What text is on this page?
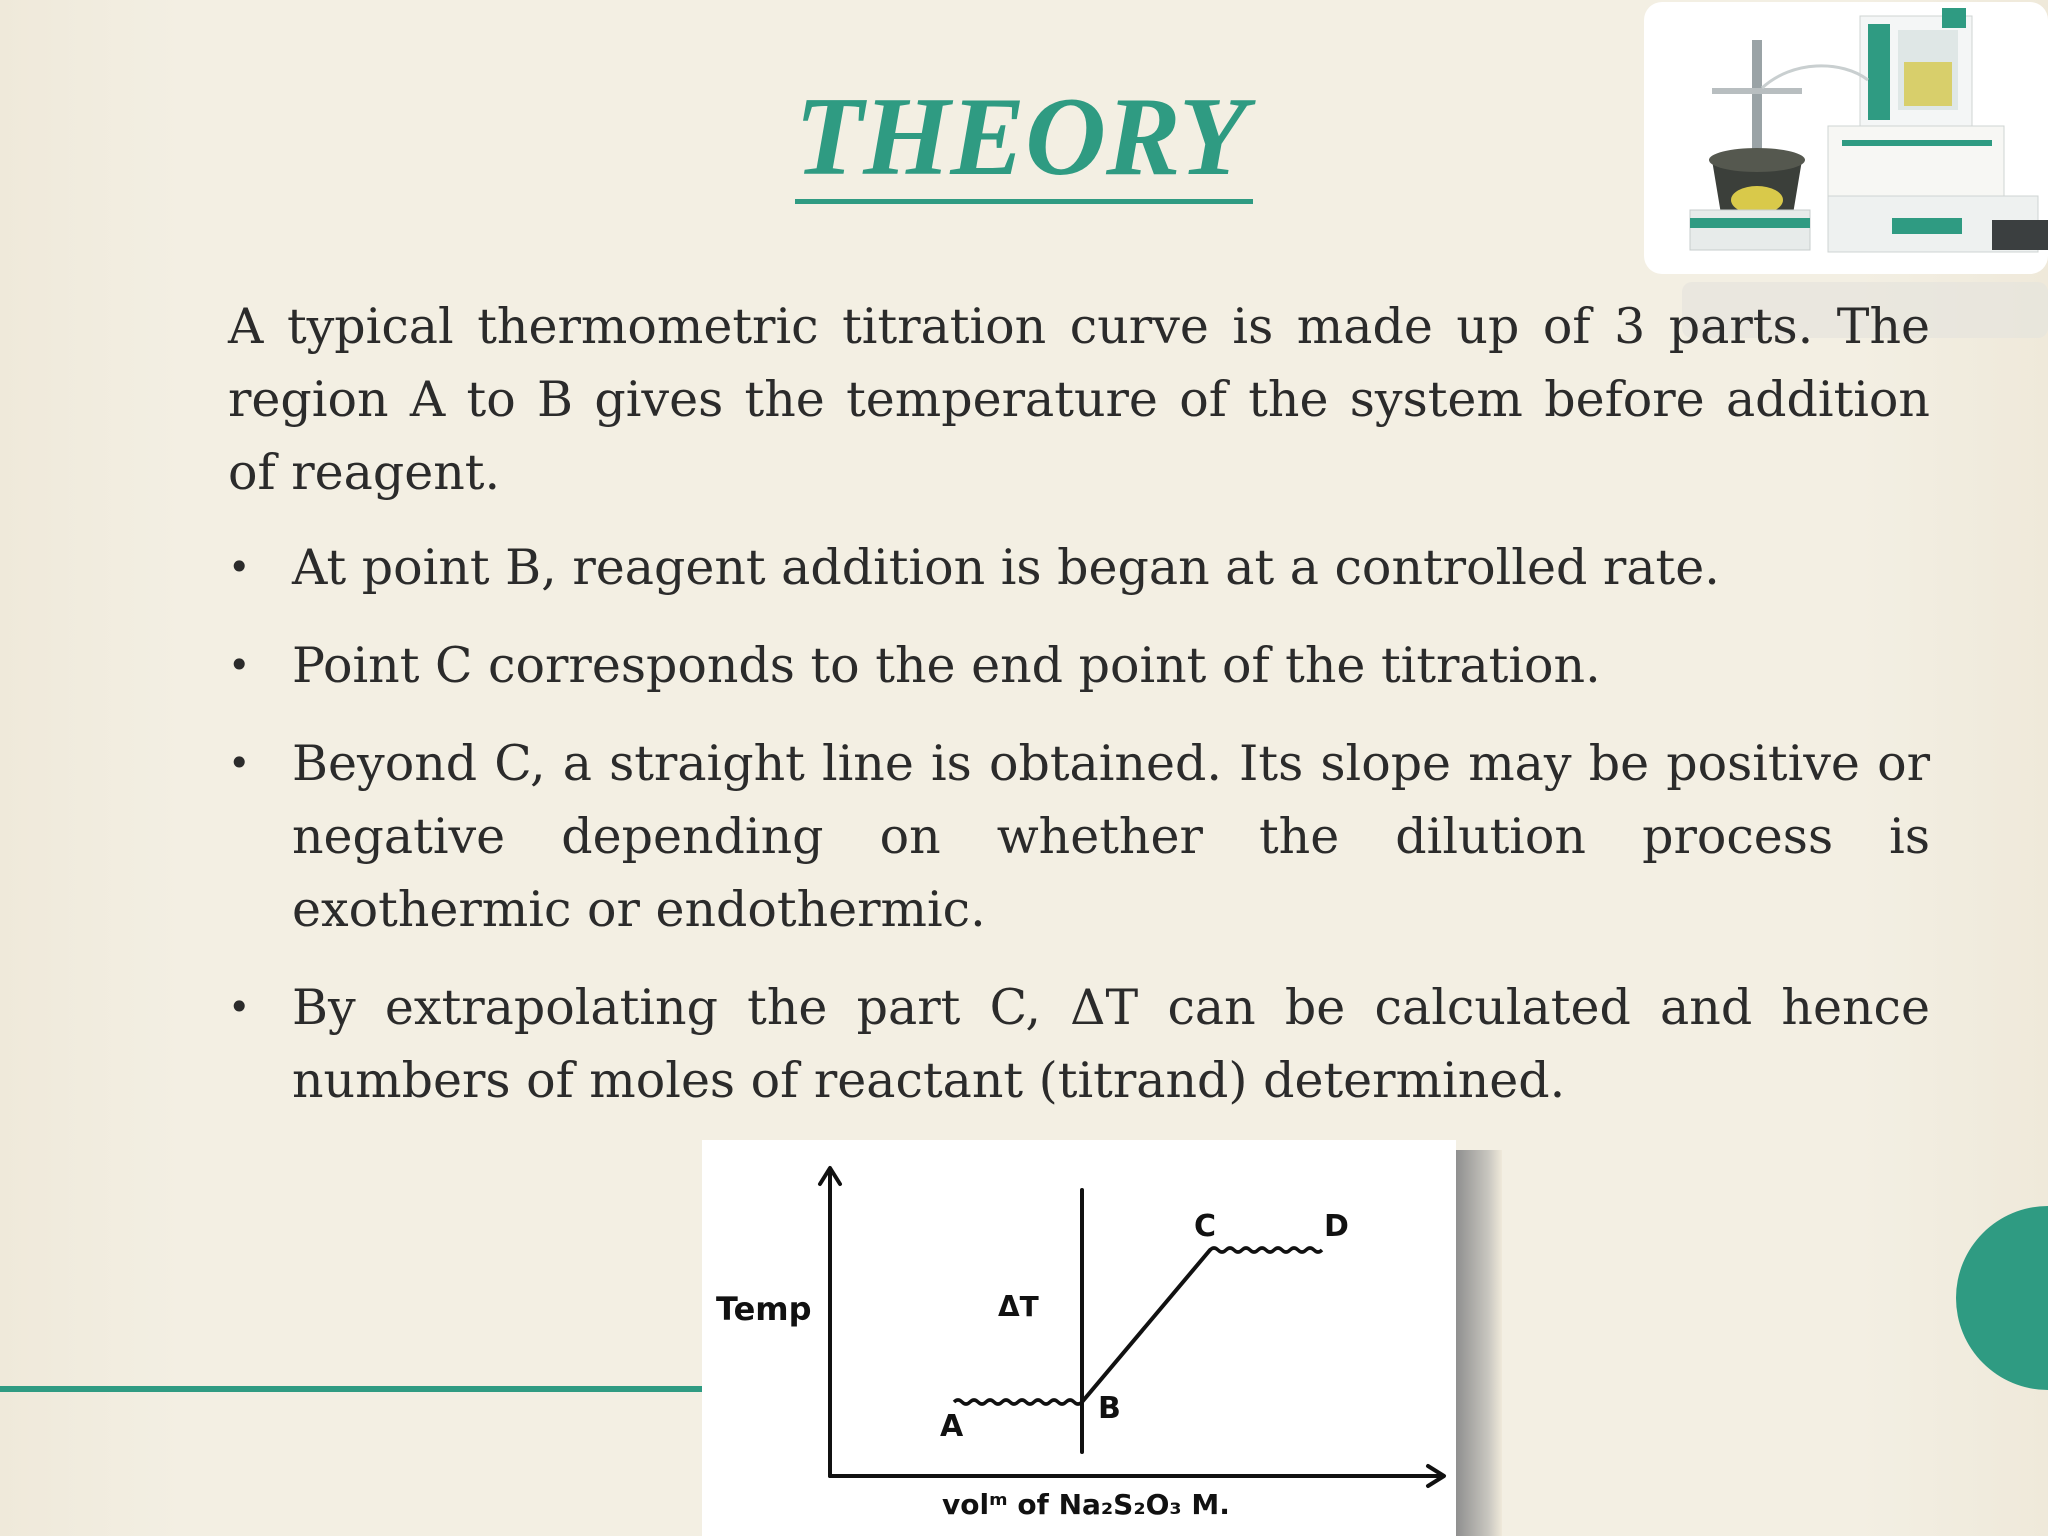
THEORY
A typical thermometric titration curve is made up of 3 parts. The region A to B gives the temperature of the system before addition of reagent.
• At point B, reagent addition is began at a controlled rate.
• Point C corresponds to the end point of the titration.
• Beyond C, a straight line is obtained. Its slope may be positive or negative depending on whether the dilution process is exothermic or endothermic.
• By extrapolating the part C, ΔT can be calculated and hence numbers of moles of reactant (titrand) determined.
Temp	ΔT
A
B
C	D
volᵐ of Na₂S₂O₃ M.
